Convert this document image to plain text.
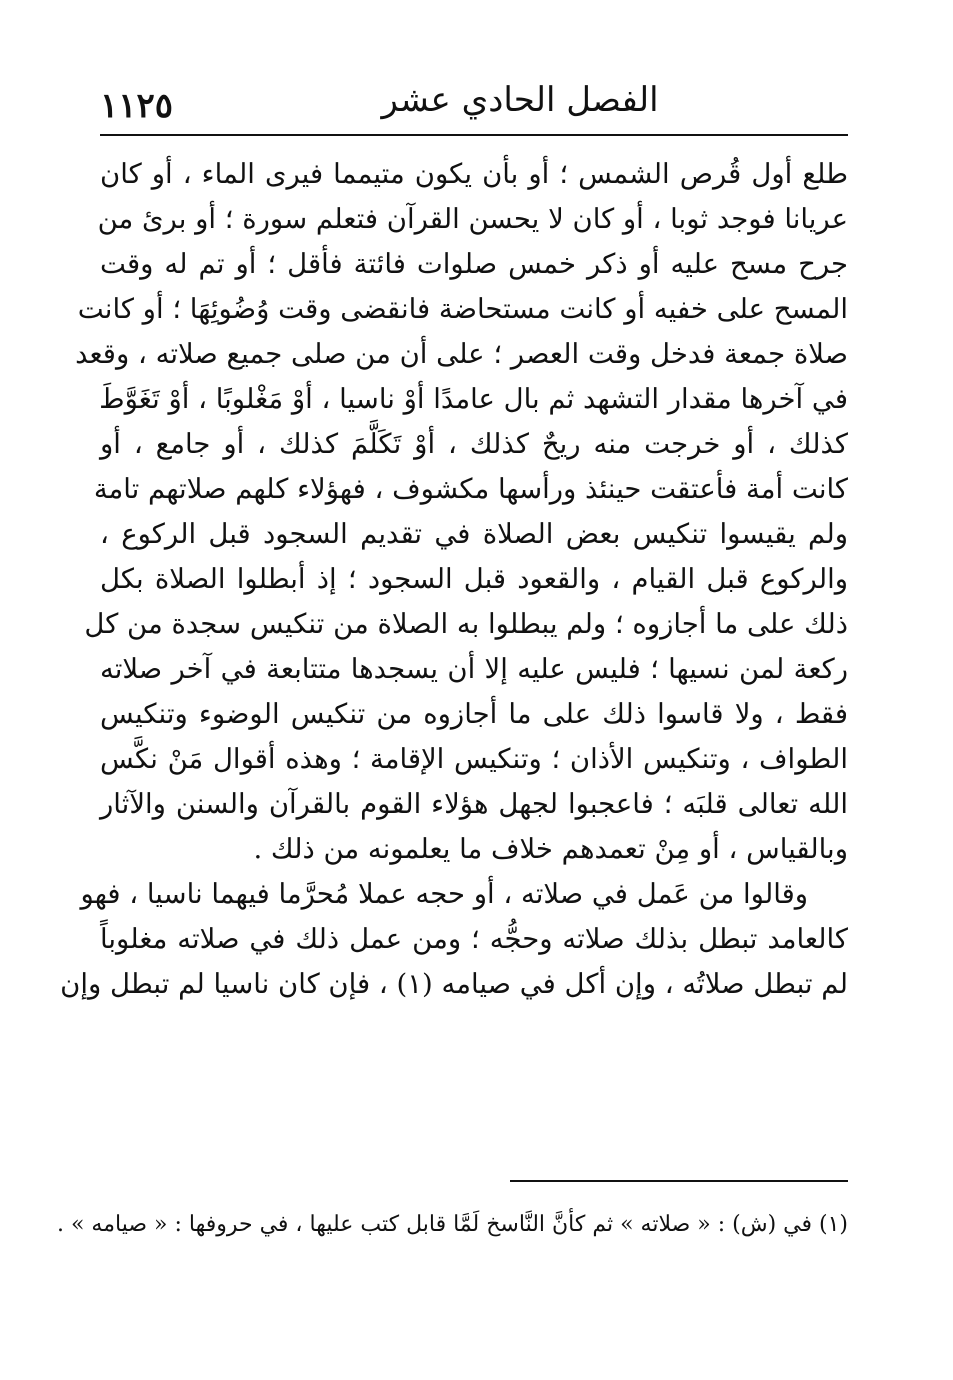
١١٢٥	الفصل الحادي عشر
طلع أول قُرص الشمس ؛ أو بأن يكون متيمما فيرى الماء ، أو كان
عريانا فوجد ثوبا ، أو كان لا يحسن القرآن فتعلم سورة ؛ أو برئ من
جرح مسح عليه أو ذكر خمس صلوات فائتة فأقل ؛ أو تم له وقت
المسح على خفيه أو كانت مستحاضة فانقضى وقت وُضُوئِهَا ؛ أو كانت
صلاة جمعة فدخل وقت العصر ؛ على أن من صلى جميع صلاته ، وقعد
في آخرها مقدار التشهد ثم بال عامدًا أوْ ناسيا ، أوْ مَغْلوبًا ، أوْ تَغَوَّطَ
كذلك ، أو خرجت منه ريحٌ كذلك ، أوْ تَكَلَّمَ كذلك ، أو جامع ، أو
كانت أمة فأعتقت حينئذ ورأسها مكشوف ، فهؤلاء كلهم صلاتهم تامة
ولم يقيسوا تنكيس بعض الصلاة في تقديم السجود قبل الركوع ،
والركوع قبل القيام ، والقعود قبل السجود ؛ إذ أبطلوا الصلاة بكل
ذلك على ما أجازوه ؛ ولم يبطلوا به الصلاة من تنكيس سجدة من كل
ركعة لمن نسيها ؛ فليس عليه إلا أن يسجدها متتابعة في آخر صلاته
فقط ، ولا قاسوا ذلك على ما أجازوه من تنكيس الوضوء وتنكيس
الطواف ، وتنكيس الأذان ؛ وتنكيس الإقامة ؛ وهذه أقوال مَنْ نكَّس
الله تعالى قلبَه ؛ فاعجبوا لجهل هؤلاء القوم بالقرآن والسنن والآثار
وبالقياس ، أو مِنْ تعمدهم خلاف ما يعلمونه من ذلك .
وقالوا من عَمل في صلاته ، أو حجه عملا مُحرَّما فيهما ناسيا ، فهو
كالعامد تبطل بذلك صلاته وحجُّه ؛ ومن عمل ذلك في صلاته مغلوباً
لم تبطل صلاتُه ، وإن أكل في صيامه (١) ، فإن كان ناسيا لم تبطل وإن
(١) في (ش) : « صلاته » ثم كأنَّ النَّاسخ لَمَّا قابل كتب عليها ، في حروفها : « صيامه » .
